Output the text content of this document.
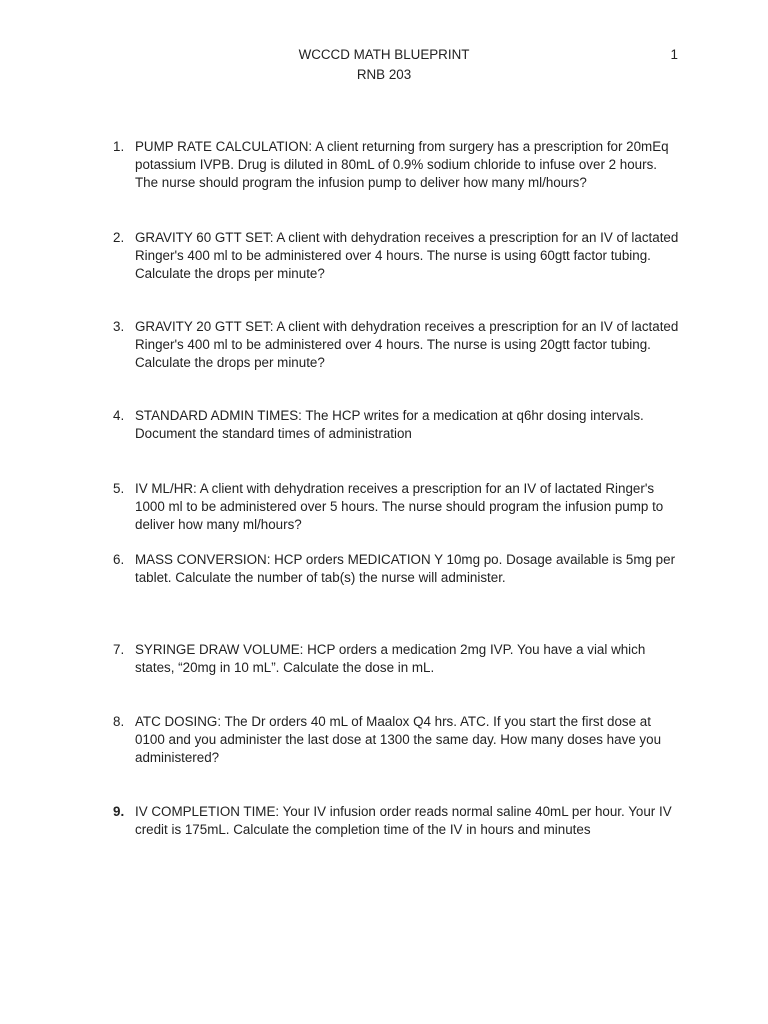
WCCCD MATH BLUEPRINT
RNB 203
1
1. PUMP RATE CALCULATION: A client returning from surgery has a prescription for 20mEq potassium IVPB. Drug is diluted in 80mL of 0.9% sodium chloride to infuse over 2 hours. The nurse should program the infusion pump to deliver how many ml/hours?
2. GRAVITY 60 GTT SET: A client with dehydration receives a prescription for an IV of lactated Ringer's 400 ml to be administered over 4 hours. The nurse is using 60gtt factor tubing. Calculate the drops per minute?
3. GRAVITY 20 GTT SET: A client with dehydration receives a prescription for an IV of lactated Ringer's 400 ml to be administered over 4 hours. The nurse is using 20gtt factor tubing. Calculate the drops per minute?
4. STANDARD ADMIN TIMES: The HCP writes for a medication at q6hr dosing intervals. Document the standard times of administration
5. IV ML/HR: A client with dehydration receives a prescription for an IV of lactated Ringer's 1000 ml to be administered over 5 hours. The nurse should program the infusion pump to deliver how many ml/hours?
6. MASS CONVERSION: HCP orders MEDICATION Y 10mg po. Dosage available is 5mg per tablet. Calculate the number of tab(s) the nurse will administer.
7. SYRINGE DRAW VOLUME: HCP orders a medication 2mg IVP. You have a vial which states, “20mg in 10 mL”. Calculate the dose in mL.
8. ATC DOSING: The Dr orders 40 mL of Maalox Q4 hrs. ATC. If you start the first dose at 0100 and you administer the last dose at 1300 the same day. How many doses have you administered?
9. IV COMPLETION TIME: Your IV infusion order reads normal saline 40mL per hour. Your IV credit is 175mL. Calculate the completion time of the IV in hours and minutes
